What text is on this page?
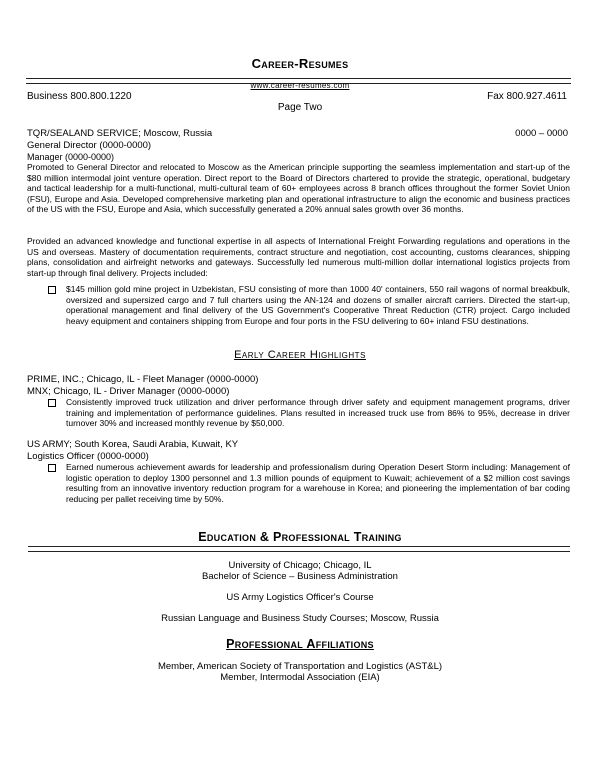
Career-Resumes
www.career-resumes.com
Business 800.800.1220	Fax 800.927.4611
Page Two
TQR/SEALAND SERVICE; Moscow, Russia	0000 – 0000
General Director (0000-0000)
Manager (0000-0000)
Promoted to General Director and relocated to Moscow as the American principle supporting the seamless implementation and start-up of the $80 million intermodal joint venture operation. Direct report to the Board of Directors chartered to provide the strategic, operational, budgetary and tactical leadership for a multi-functional, multi-cultural team of 60+ employees across 8 branch offices throughout the former Soviet Union (FSU), Europe and Asia. Developed comprehensive marketing plan and operational infrastructure to align the economic and business practices of the US with the FSU, Europe and Asia, which successfully generated a 20% annual sales growth over 36 months.
Provided an advanced knowledge and functional expertise in all aspects of International Freight Forwarding regulations and operations in the US and overseas. Mastery of documentation requirements, contract structure and negotiation, cost accounting, customs clearances, shipping plans, consolidation and airfreight networks and gateways. Successfully led numerous multi-million dollar international logistics projects from start-up through final delivery. Projects included:
$145 million gold mine project in Uzbekistan, FSU consisting of more than 1000 40' containers, 550 rail wagons of normal breakbulk, oversized and supersized cargo and 7 full charters using the AN-124 and dozens of smaller aircraft carriers. Directed the start-up, operational management and final delivery of the US Government's Cooperative Threat Reduction (CTR) project. Cargo included heavy equipment and containers shipping from Europe and four ports in the FSU delivering to 60+ inland FSU destinations.
Early Career Highlights
PRIME, INC.; Chicago, IL - Fleet Manager (0000-0000)
MNX; Chicago, IL - Driver Manager (0000-0000)
Consistently improved truck utilization and driver performance through driver safety and equipment management programs, driver training and implementation of performance guidelines. Plans resulted in increased truck use from 86% to 95%, decrease in driver turnover 30% and increased monthly revenue by $50,000.
US ARMY; South Korea, Saudi Arabia, Kuwait, KY
Logistics Officer (0000-0000)
Earned numerous achievement awards for leadership and professionalism during Operation Desert Storm including: Management of logistic operation to deploy 1300 personnel and 1.3 million pounds of equipment to Kuwait; achievement of a $2 million cost savings resulting from an innovative inventory reduction program for a warehouse in Korea; and pioneering the implementation of bar coding reducing per pallet receiving time by 50%.
Education & Professional Training
University of Chicago; Chicago, IL
Bachelor of Science – Business Administration
US Army Logistics Officer's Course
Russian Language and Business Study Courses; Moscow, Russia
Professional Affiliations
Member, American Society of Transportation and Logistics (AST&L)
Member, Intermodal Association (EIA)
